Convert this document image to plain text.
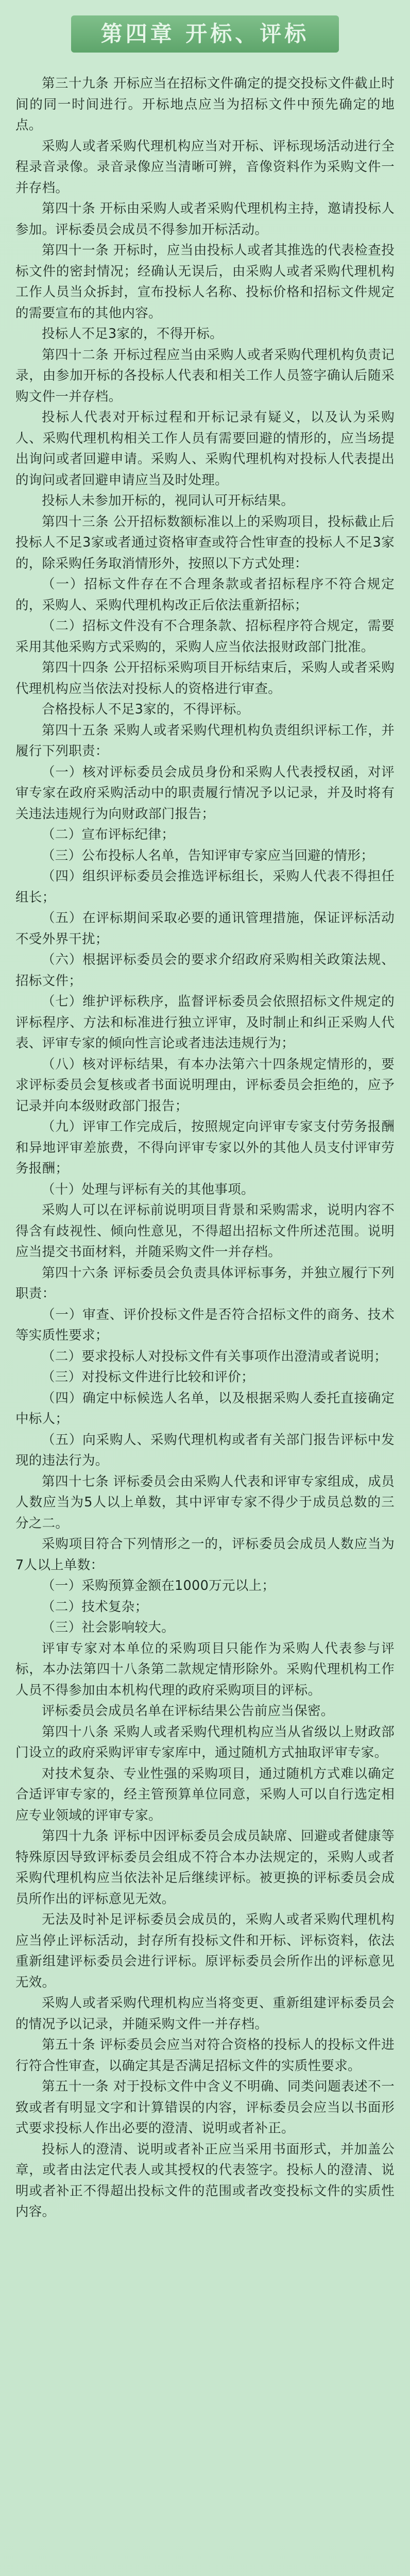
第四章 开标、评标

第三十九条 开标应当在招标文件确定的提交投标文件截止时间的同一时间进行。开标地点应当为招标文件中预先确定的地点。

采购人或者采购代理机构应当对开标、评标现场活动进行全程录音录像。录音录像应当清晰可辨，音像资料作为采购文件一并存档。

第四十条 开标由采购人或者采购代理机构主持，邀请投标人参加。评标委员会成员不得参加开标活动。

第四十一条 开标时，应当由投标人或者其推选的代表检查投标文件的密封情况；经确认无误后，由采购人或者采购代理机构工作人员当众拆封，宣布投标人名称、投标价格和招标文件规定的需要宣布的其他内容。

投标人不足3家的，不得开标。

第四十二条 开标过程应当由采购人或者采购代理机构负责记录，由参加开标的各投标人代表和相关工作人员签字确认后随采购文件一并存档。

投标人代表对开标过程和开标记录有疑义，以及认为采购人、采购代理机构相关工作人员有需要回避的情形的，应当场提出询问或者回避申请。采购人、采购代理机构对投标人代表提出的询问或者回避申请应当及时处理。

投标人未参加开标的，视同认可开标结果。

第四十三条 公开招标数额标准以上的采购项目，投标截止后投标人不足3家或者通过资格审查或符合性审查的投标人不足3家的，除采购任务取消情形外，按照以下方式处理：

（一）招标文件存在不合理条款或者招标程序不符合规定的，采购人、采购代理机构改正后依法重新招标；

（二）招标文件没有不合理条款、招标程序符合规定，需要采用其他采购方式采购的，采购人应当依法报财政部门批准。

第四十四条 公开招标采购项目开标结束后，采购人或者采购代理机构应当依法对投标人的资格进行审查。

合格投标人不足3家的，不得评标。

第四十五条 采购人或者采购代理机构负责组织评标工作，并履行下列职责：

（一）核对评标委员会成员身份和采购人代表授权函，对评审专家在政府采购活动中的职责履行情况予以记录，并及时将有关违法违规行为向财政部门报告；

（二）宣布评标纪律；

（三）公布投标人名单，告知评审专家应当回避的情形；

（四）组织评标委员会推选评标组长，采购人代表不得担任组长；

（五）在评标期间采取必要的通讯管理措施，保证评标活动不受外界干扰；

（六）根据评标委员会的要求介绍政府采购相关政策法规、招标文件；

（七）维护评标秩序，监督评标委员会依照招标文件规定的评标程序、方法和标准进行独立评审，及时制止和纠正采购人代表、评审专家的倾向性言论或者违法违规行为；

（八）核对评标结果，有本办法第六十四条规定情形的，要求评标委员会复核或者书面说明理由，评标委员会拒绝的，应予记录并向本级财政部门报告；

（九）评审工作完成后，按照规定向评审专家支付劳务报酬和异地评审差旅费，不得向评审专家以外的其他人员支付评审劳务报酬；

（十）处理与评标有关的其他事项。

采购人可以在评标前说明项目背景和采购需求，说明内容不得含有歧视性、倾向性意见，不得超出招标文件所述范围。说明应当提交书面材料，并随采购文件一并存档。

第四十六条 评标委员会负责具体评标事务，并独立履行下列职责：

（一）审查、评价投标文件是否符合招标文件的商务、技术等实质性要求；

（二）要求投标人对投标文件有关事项作出澄清或者说明；

（三）对投标文件进行比较和评价；

（四）确定中标候选人名单，以及根据采购人委托直接确定中标人；

（五）向采购人、采购代理机构或者有关部门报告评标中发现的违法行为。

第四十七条 评标委员会由采购人代表和评审专家组成，成员人数应当为5人以上单数，其中评审专家不得少于成员总数的三分之二。

采购项目符合下列情形之一的，评标委员会成员人数应当为7人以上单数：

（一）采购预算金额在1000万元以上；

（二）技术复杂；

（三）社会影响较大。

评审专家对本单位的采购项目只能作为采购人代表参与评标，本办法第四十八条第二款规定情形除外。采购代理机构工作人员不得参加由本机构代理的政府采购项目的评标。

评标委员会成员名单在评标结果公告前应当保密。

第四十八条 采购人或者采购代理机构应当从省级以上财政部门设立的政府采购评审专家库中，通过随机方式抽取评审专家。

对技术复杂、专业性强的采购项目，通过随机方式难以确定合适评审专家的，经主管预算单位同意，采购人可以自行选定相应专业领域的评审专家。

第四十九条 评标中因评标委员会成员缺席、回避或者健康等特殊原因导致评标委员会组成不符合本办法规定的，采购人或者采购代理机构应当依法补足后继续评标。被更换的评标委员会成员所作出的评标意见无效。

无法及时补足评标委员会成员的，采购人或者采购代理机构应当停止评标活动，封存所有投标文件和开标、评标资料，依法重新组建评标委员会进行评标。原评标委员会所作出的评标意见无效。

采购人或者采购代理机构应当将变更、重新组建评标委员会的情况予以记录，并随采购文件一并存档。

第五十条 评标委员会应当对符合资格的投标人的投标文件进行符合性审查，以确定其是否满足招标文件的实质性要求。

第五十一条 对于投标文件中含义不明确、同类问题表述不一致或者有明显文字和计算错误的内容，评标委员会应当以书面形式要求投标人作出必要的澄清、说明或者补正。

投标人的澄清、说明或者补正应当采用书面形式，并加盖公章，或者由法定代表人或其授权的代表签字。投标人的澄清、说明或者补正不得超出投标文件的范围或者改变投标文件的实质性内容。
